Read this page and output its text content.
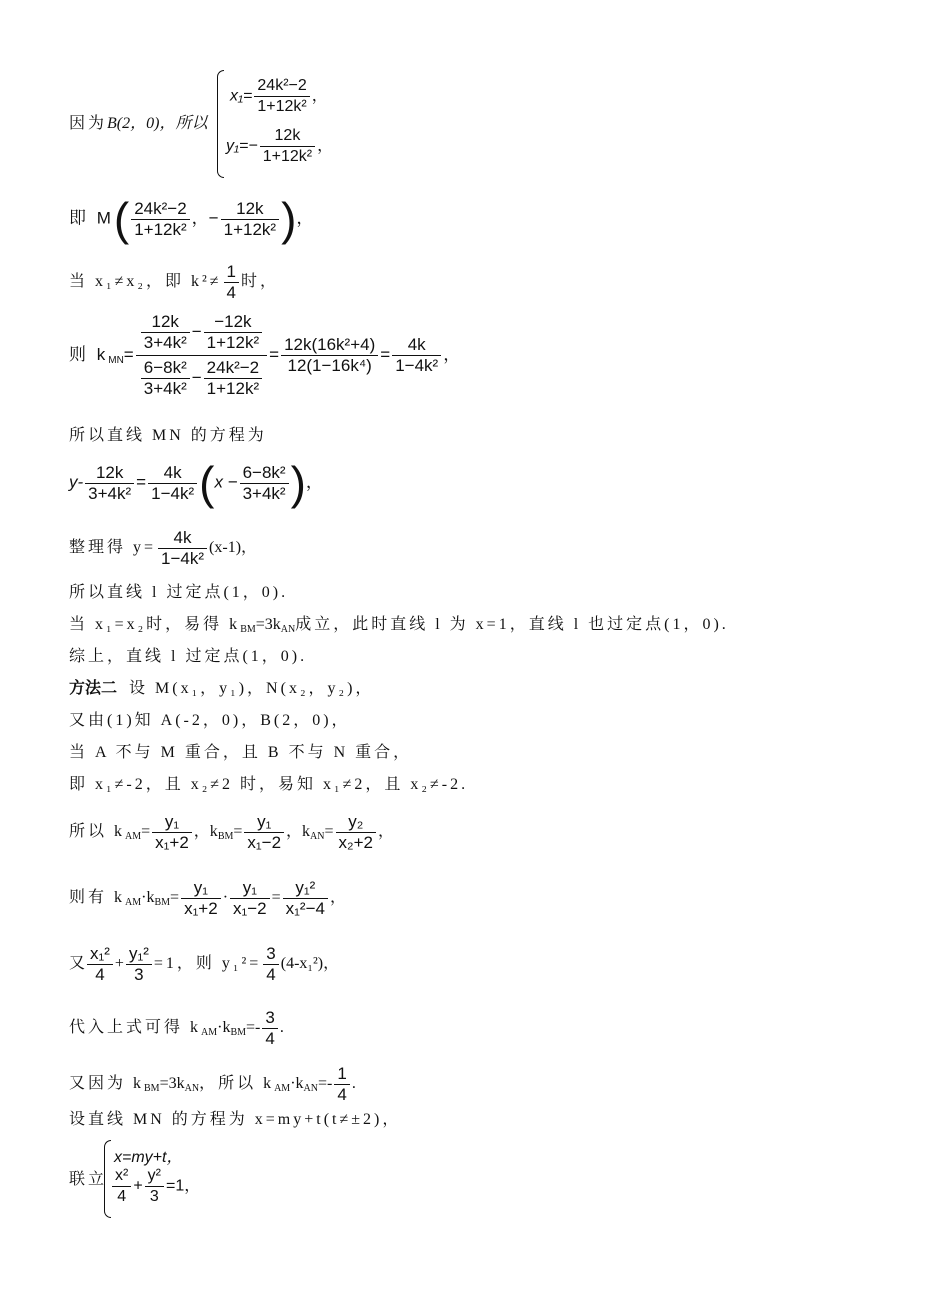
因为B(2，0)，所以
$x_1= \frac{\text{24k²−2}}{\text{1+12k²}}$ ，
$y_1=- \frac{12k}{\text{1+12k²}}$ ，
即 $M( \frac{\text{24k²−2}}{\text{1+12k²}}$ ，− $\frac{12k}{\text{1+12k²}}$ )，
当 x₁≠x₂，即 $k^2\ne \frac{1}{4}$ 时，
则 $k_{MN}= \frac{\frac{12k}{\text{3+4k²}} - \frac{-12k}{\text{1+12k²}}}{\frac{\text{6−8k²}}{\text{3+4k²}} - \frac{\text{24k²−2}}{\text{1+12k²}}} = \frac{\text{12k(16k²+4)}}{\text{12(1−16k⁴)}} = \frac{4k}{\text{1−4k²}}$ ，
所以直线 MN 的方程为
$y- \frac{12k}{\text{3+4k²}} = \frac{4k}{\text{1−4k²}} (x - \frac{\text{6−8k²}}{\text{3+4k²}}$ )，
整理得 $y= \frac{4k}{\text{1−4k²}} (x-1)$，
所以直线 l 过定点(1，0).
当 x₁=x₂时，易得 $k_{BM}=3k_{AN}$成立，此时直线 l 为 x=1，直线 l 也过定点(1，0).
综上，直线 l 过定点(1，0).
方法二 设 M(x₁，y₁)，N(x₂，y₂)，
又由(1)知 A(-2，0)，B(2，0)，
当 A 不与 M 重合，且 B 不与 N 重合，
即 x₁≠-2，且 x₂≠2 时，易知 x₁≠2，且 x₂≠-2.
所以 $k_{AM}= \frac{\text{y₁}}{\text{x₁+2}}$ ，$k_{BM}= \frac{\text{y₁}}{\text{x₁−2}}$ ，$k_{AN}= \frac{\text{y₂}}{\text{x₂+2}}$ ，
则有 $k_{AM}\cdot k_{BM}= \frac{\text{y₁}}{\text{x₁+2}} \cdot \frac{\text{y₁}}{\text{x₁−2}} = \frac{\text{y₁²}}{\text{x₁²−4}}$ ，
又 $\frac{\text{x₁²}}{4} + \frac{\text{y₁²}}{3} =1$，则 $y_1^2= \frac{3}{4} (4-x_1^2)$，
代入上式可得 $k_{AM}\cdot k_{BM}=- \frac{3}{4}$ .
又因为 $k_{BM}=3k_{AN}$，所以 $k_{AM}\cdot k_{AN}=- \frac{1}{4}$ .
设直线 MN 的方程为 x=my+t(t≠±2)，
联立
x=my+t，
$\frac{\text{x²}}{4} + \frac{\text{y²}}{3} =1$，
